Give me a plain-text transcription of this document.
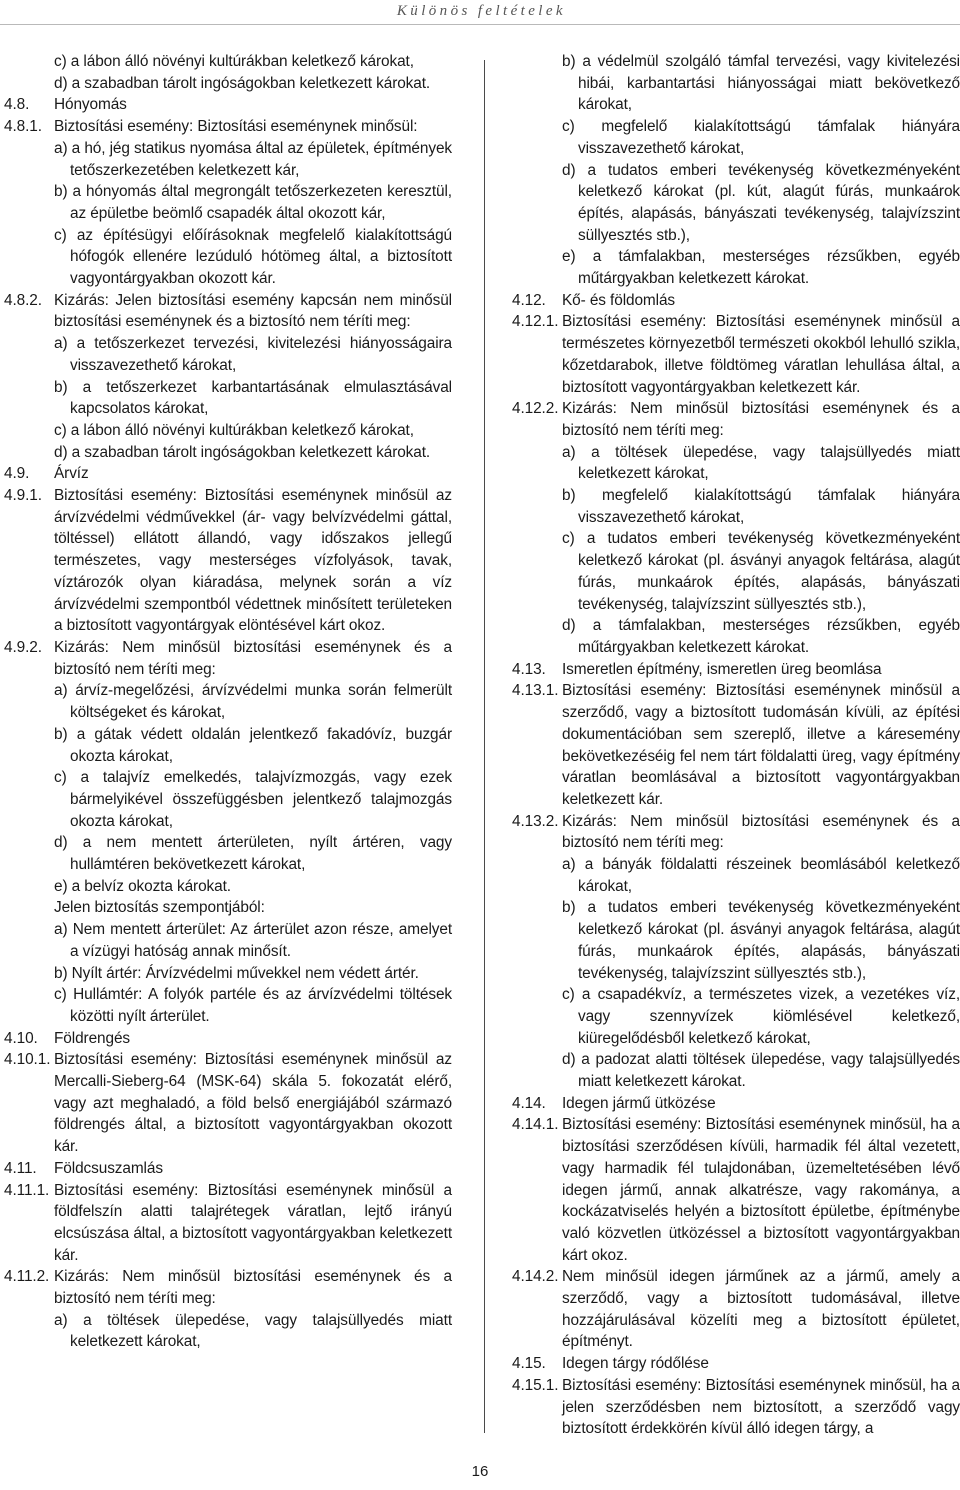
Különös feltételek
c) a lábon álló növényi kultúrákban keletkező károkat,
d) a szabadban tárolt ingóságokban keletkezett károkat.
4.8. Hónyomás
4.8.1. Biztosítási esemény: Biztosítási eseménynek minősül:
a) a hó, jég statikus nyomása által az épületek, építmények tetőszerkezetében keletkezett kár,
b) a hónyomás által megrongált tetőszerkezeten keresztül, az épületbe beömlő csapadék által okozott kár,
c) az építésügyi előírásoknak megfelelő kialakítottságú hófogók ellenére lezúduló hótömeg által, a biztosított vagyontárgyakban okozott kár.
4.8.2. Kizárás: Jelen biztosítási esemény kapcsán nem minősül biztosítási eseménynek és a biztosító nem téríti meg:
a) a tetőszerkezet tervezési, kivitelezési hiányosságaira visszavezethető károkat,
b) a tetőszerkezet karbantartásának elmulasztásával kapcsolatos károkat,
c) a lábon álló növényi kultúrákban keletkező károkat,
d) a szabadban tárolt ingóságokban keletkezett károkat.
4.9. Árvíz
4.9.1. Biztosítási esemény: Biztosítási eseménynek minősül az árvízvédelmi védművekkel (ár- vagy belvízvédelmi gáttal, töltéssel) ellátott állandó, vagy időszakos jellegű természetes, vagy mesterséges vízfolyások, tavak, víztározók olyan kiáradása, melynek során a víz árvízvédelmi szempontból védettnek minősített területeken a biztosított vagyontárgyak elöntésével kárt okoz.
4.9.2. Kizárás: Nem minősül biztosítási eseménynek és a biztosító nem téríti meg:
a) árvíz-megelőzési, árvízvédelmi munka során felmerült költségeket és károkat,
b) a gátak védett oldalán jelentkező fakadóvíz, buzgár okozta károkat,
c) a talajvíz emelkedés, talajvízmozgás, vagy ezek bármelyikével összefüggésben jelentkező talajmozgás okozta károkat,
d) a nem mentett árterületen, nyílt ártéren, vagy hullámtéren bekövetkezett károkat,
e) a belvíz okozta károkat.
Jelen biztosítás szempontjából:
a) Nem mentett árterület: Az árterület azon része, amelyet a vízügyi hatóság annak minősít.
b) Nyílt ártér: Árvízvédelmi művekkel nem védett ártér.
c) Hullámtér: A folyók partéle és az árvízvédelmi töltések közötti nyílt árterület.
4.10. Földrengés
4.10.1. Biztosítási esemény: Biztosítási eseménynek minősül az Mercalli-Sieberg-64 (MSK-64) skála 5. fokozatát elérő, vagy azt meghaladó, a föld belső energiájából származó földrengés által, a biztosított vagyontárgyakban okozott kár.
4.11. Földcsuszamlás
4.11.1. Biztosítási esemény: Biztosítási eseménynek minősül a földfelszín alatti talajrétegek váratlan, lejtő irányú elcsúszása által, a biztosított vagyontárgyakban keletkezett kár.
4.11.2. Kizárás: Nem minősül biztosítási eseménynek és a biztosító nem téríti meg:
a) a töltések ülepedése, vagy talajsüllyedés miatt keletkezett károkat,
b) a védelmül szolgáló támfal tervezési, vagy kivitelezési hibái, karbantartási hiányosságai miatt bekövetkező károkat,
c) megfelelő kialakítottságú támfalak hiányára visszavezethető károkat,
d) a tudatos emberi tevékenység következményeként keletkező károkat (pl. kút, alagút fúrás, munkaárok építés, alapásás, bányászati tevékenység, talajvízszint süllyesztés stb.),
e) a támfalakban, mesterséges rézsűkben, egyéb műtárgyakban keletkezett károkat.
4.12. Kő- és földomlás
4.12.1. Biztosítási esemény: Biztosítási eseménynek minősül a természetes környezetből természeti okokból lehulló szikla, kőzetdarabok, illetve földtömeg váratlan lehullása által, a biztosított vagyontárgyakban keletkezett kár.
4.12.2. Kizárás: Nem minősül biztosítási eseménynek és a biztosító nem téríti meg:
a) a töltések ülepedése, vagy talajsüllyedés miatt keletkezett károkat,
b) megfelelő kialakítottságú támfalak hiányára visszavezethető károkat,
c) a tudatos emberi tevékenység következményeként keletkező károkat (pl. ásványi anyagok feltárása, alagút fúrás, munkaárok építés, alapásás, bányászati tevékenység, talajvízszint süllyesztés stb.),
d) a támfalakban, mesterséges rézsűkben, egyéb műtárgyakban keletkezett károkat.
4.13. Ismeretlen építmény, ismeretlen üreg beomlása
4.13.1. Biztosítási esemény: Biztosítási eseménynek minősül a szerződő, vagy a biztosított tudomásán kívüli, az építési dokumentációban sem szereplő, illetve a káresemény bekövetkezéséig fel nem tárt földalatti üreg, vagy építmény váratlan beomlásával a biztosított vagyontárgyakban keletkezett kár.
4.13.2. Kizárás: Nem minősül biztosítási eseménynek és a biztosító nem téríti meg:
a) a bányák földalatti részeinek beomlásából keletkező károkat,
b) a tudatos emberi tevékenység következményeként keletkező károkat (pl. ásványi anyagok feltárása, alagút fúrás, munkaárok építés, alapásás, bányászati tevékenység, talajvízszint süllyesztés stb.),
c) a csapadékvíz, a természetes vizek, a vezetékes víz, vagy szennyvízek kiömlésével keletkező, kiüregelődésből keletkező károkat,
d) a padozat alatti töltések ülepedése, vagy talajsüllyedés miatt keletkezett károkat.
4.14. Idegen jármű ütközése
4.14.1. Biztosítási esemény: Biztosítási eseménynek minősül, ha a biztosítási szerződésen kívüli, harmadik fél által vezetett, vagy harmadik fél tulajdonában, üzemeltetésében lévő idegen jármű, annak alkatrésze, vagy rakománya, a kockázatviselés helyén a biztosított épületbe, építménybe való közvetlen ütközéssel a biztosított vagyontárgyakban kárt okoz.
4.14.2. Nem minősül idegen járműnek az a jármű, amely a szerződő, vagy a biztosított tudomásával, illetve hozzájárulásával közelíti meg a biztosított épületet, építményt.
4.15. Idegen tárgy ródőlése
4.15.1. Biztosítási esemény: Biztosítási eseménynek minősül, ha a jelen szerződésben nem biztosított, a szerződő vagy biztosított érdekkörén kívül álló idegen tárgy, a
16
